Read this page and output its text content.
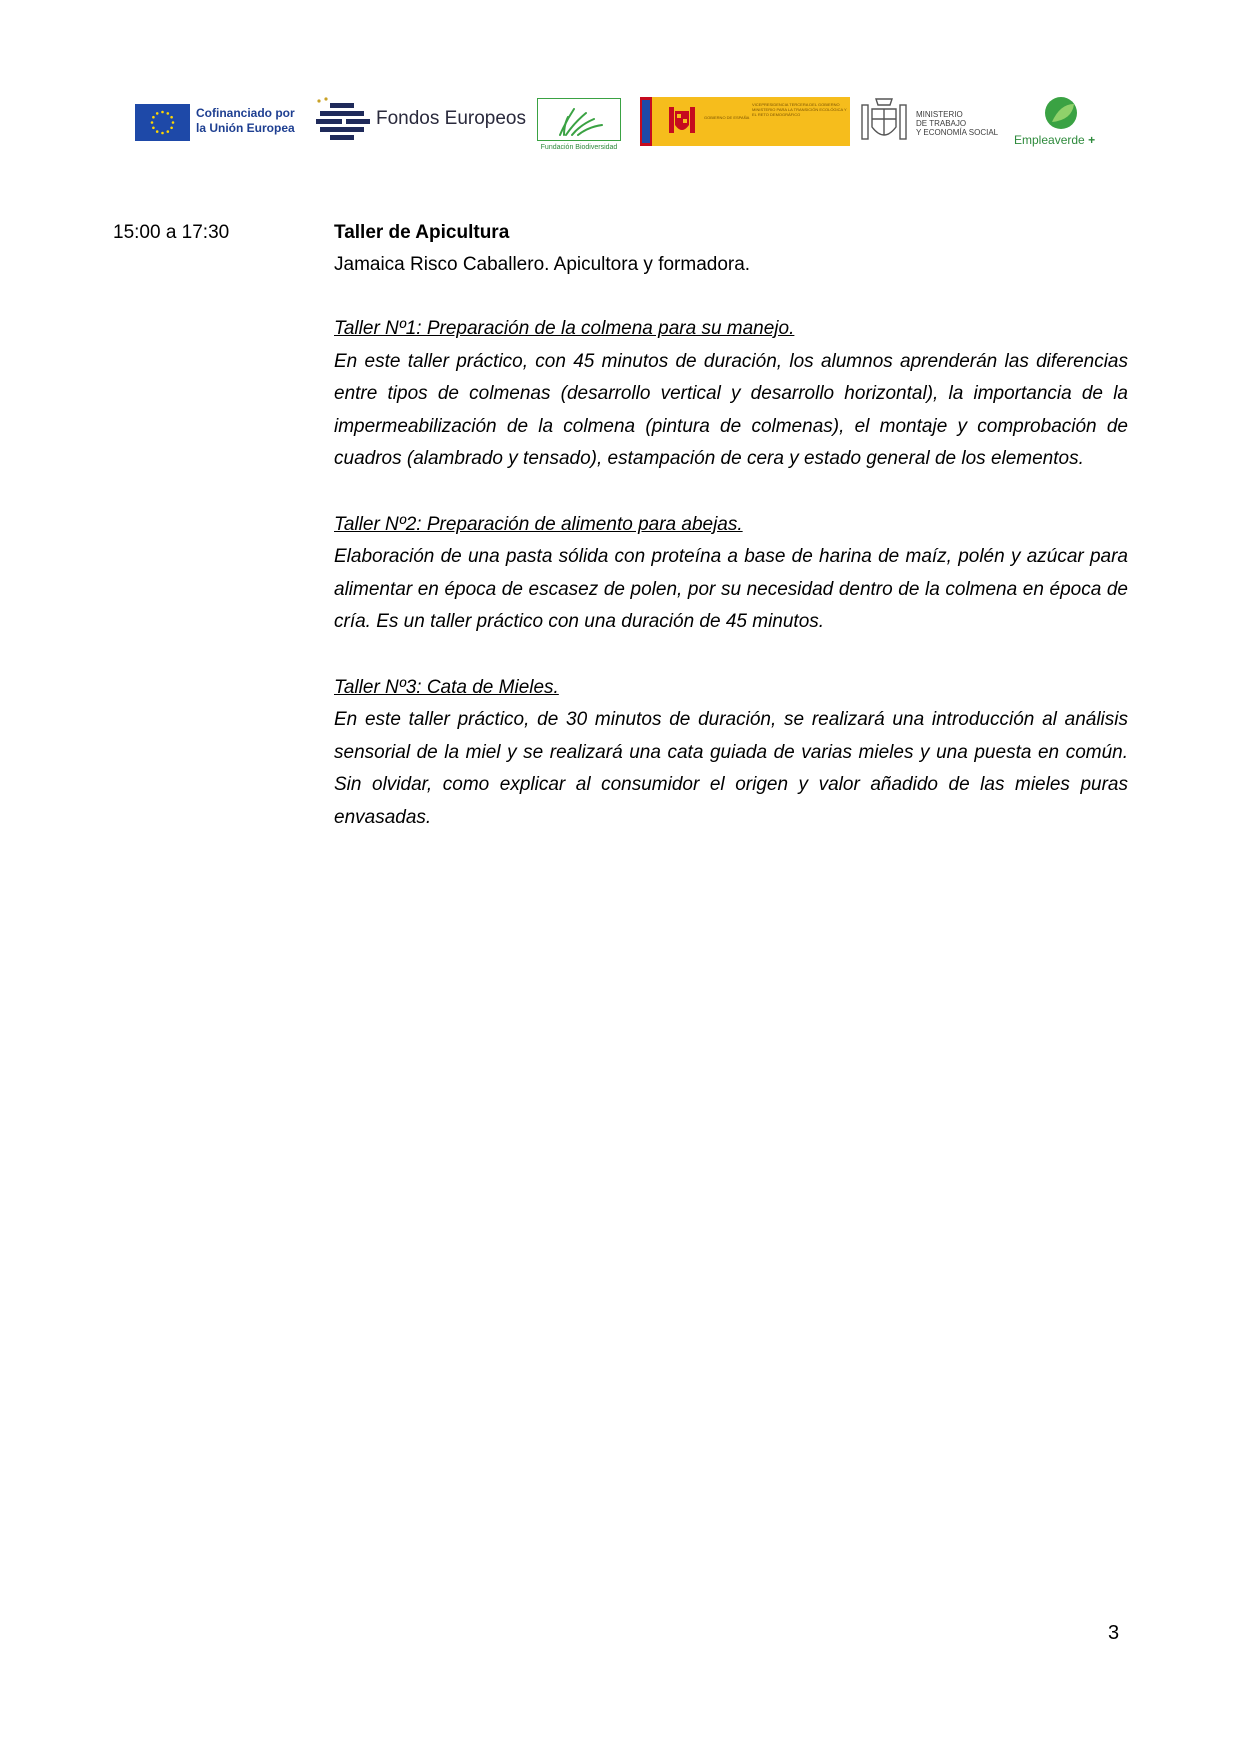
Cofinanciado por
la Unión Europea	Fondos Europeos
Fundación Biodiversidad
GOBIERNO DE ESPAÑA
VICEPRESIDENCIA TERCERA DEL GOBIERNO
MINISTERIO PARA LA TRANSICIÓN ECOLÓGICA Y EL RETO DEMOGRÁFICO	MINISTERIO
DE TRABAJO
Y ECONOMÍA SOCIAL
Empleaverde +
15:00 a 17:30	Taller de Apicultura

Jamaica Risco Caballero. Apicultora y formadora.

Taller Nº1: Preparación de la colmena para su manejo.

En este taller práctico, con 45 minutos de duración, los alumnos aprenderán las diferencias entre tipos de colmenas (desarrollo vertical y desarrollo horizontal), la importancia de la impermeabilización de la colmena (pintura de colmenas), el montaje y comprobación de cuadros (alambrado y tensado), estampación de cera y estado general de los elementos.

Taller Nº2: Preparación de alimento para abejas.

Elaboración de una pasta sólida con proteína a base de harina de maíz, polén y azúcar para alimentar en época de escasez de polen, por su necesidad dentro de la colmena en época de cría. Es un taller práctico con una duración de 45 minutos.

Taller Nº3: Cata de Mieles.

En este taller práctico, de 30 minutos de duración, se realizará una introducción al análisis sensorial de la miel y se realizará una cata guiada de varias mieles y una puesta en común. Sin olvidar, como explicar al consumidor el origen y valor añadido de las mieles puras envasadas.

3
